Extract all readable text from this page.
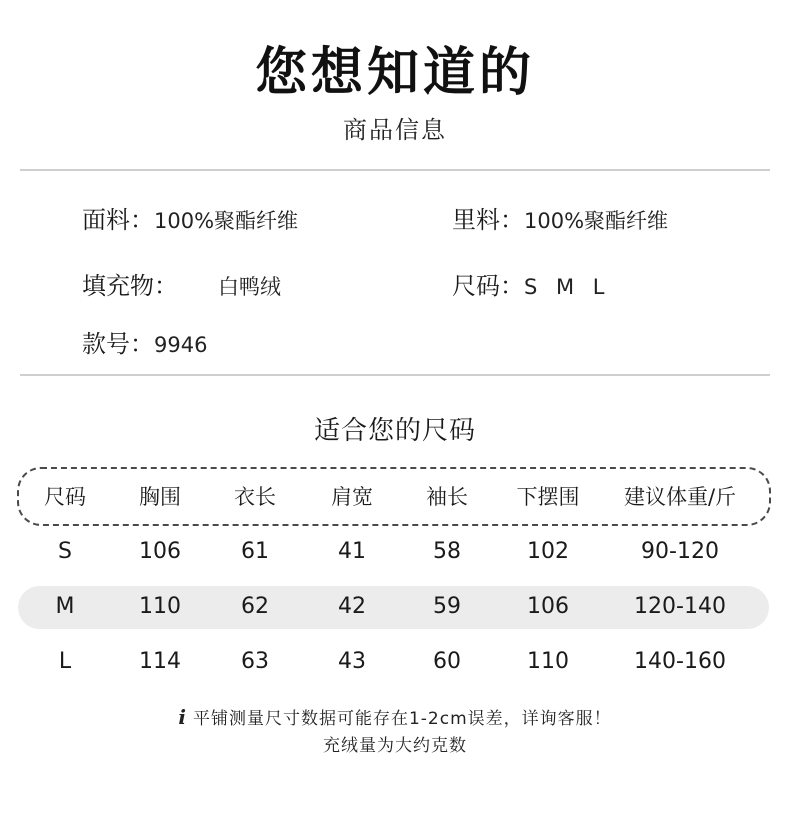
您想知道的
商品信息
面料：100%聚酯纤维	里料：100%聚酯纤维
填充物： 白鸭绒	尺码：S M L
款号：9946
适合您的尺码
尺码	胸围	衣长	肩宽	袖长	下摆围	建议体重/斤
S	106	61	41	58	102	90-120
M	110	62	42	59	106	120-140
L	114	63	43	60	110	140-160
i 平铺测量尺寸数据可能存在1-2cm误差，详询客服！
充绒量为大约克数
